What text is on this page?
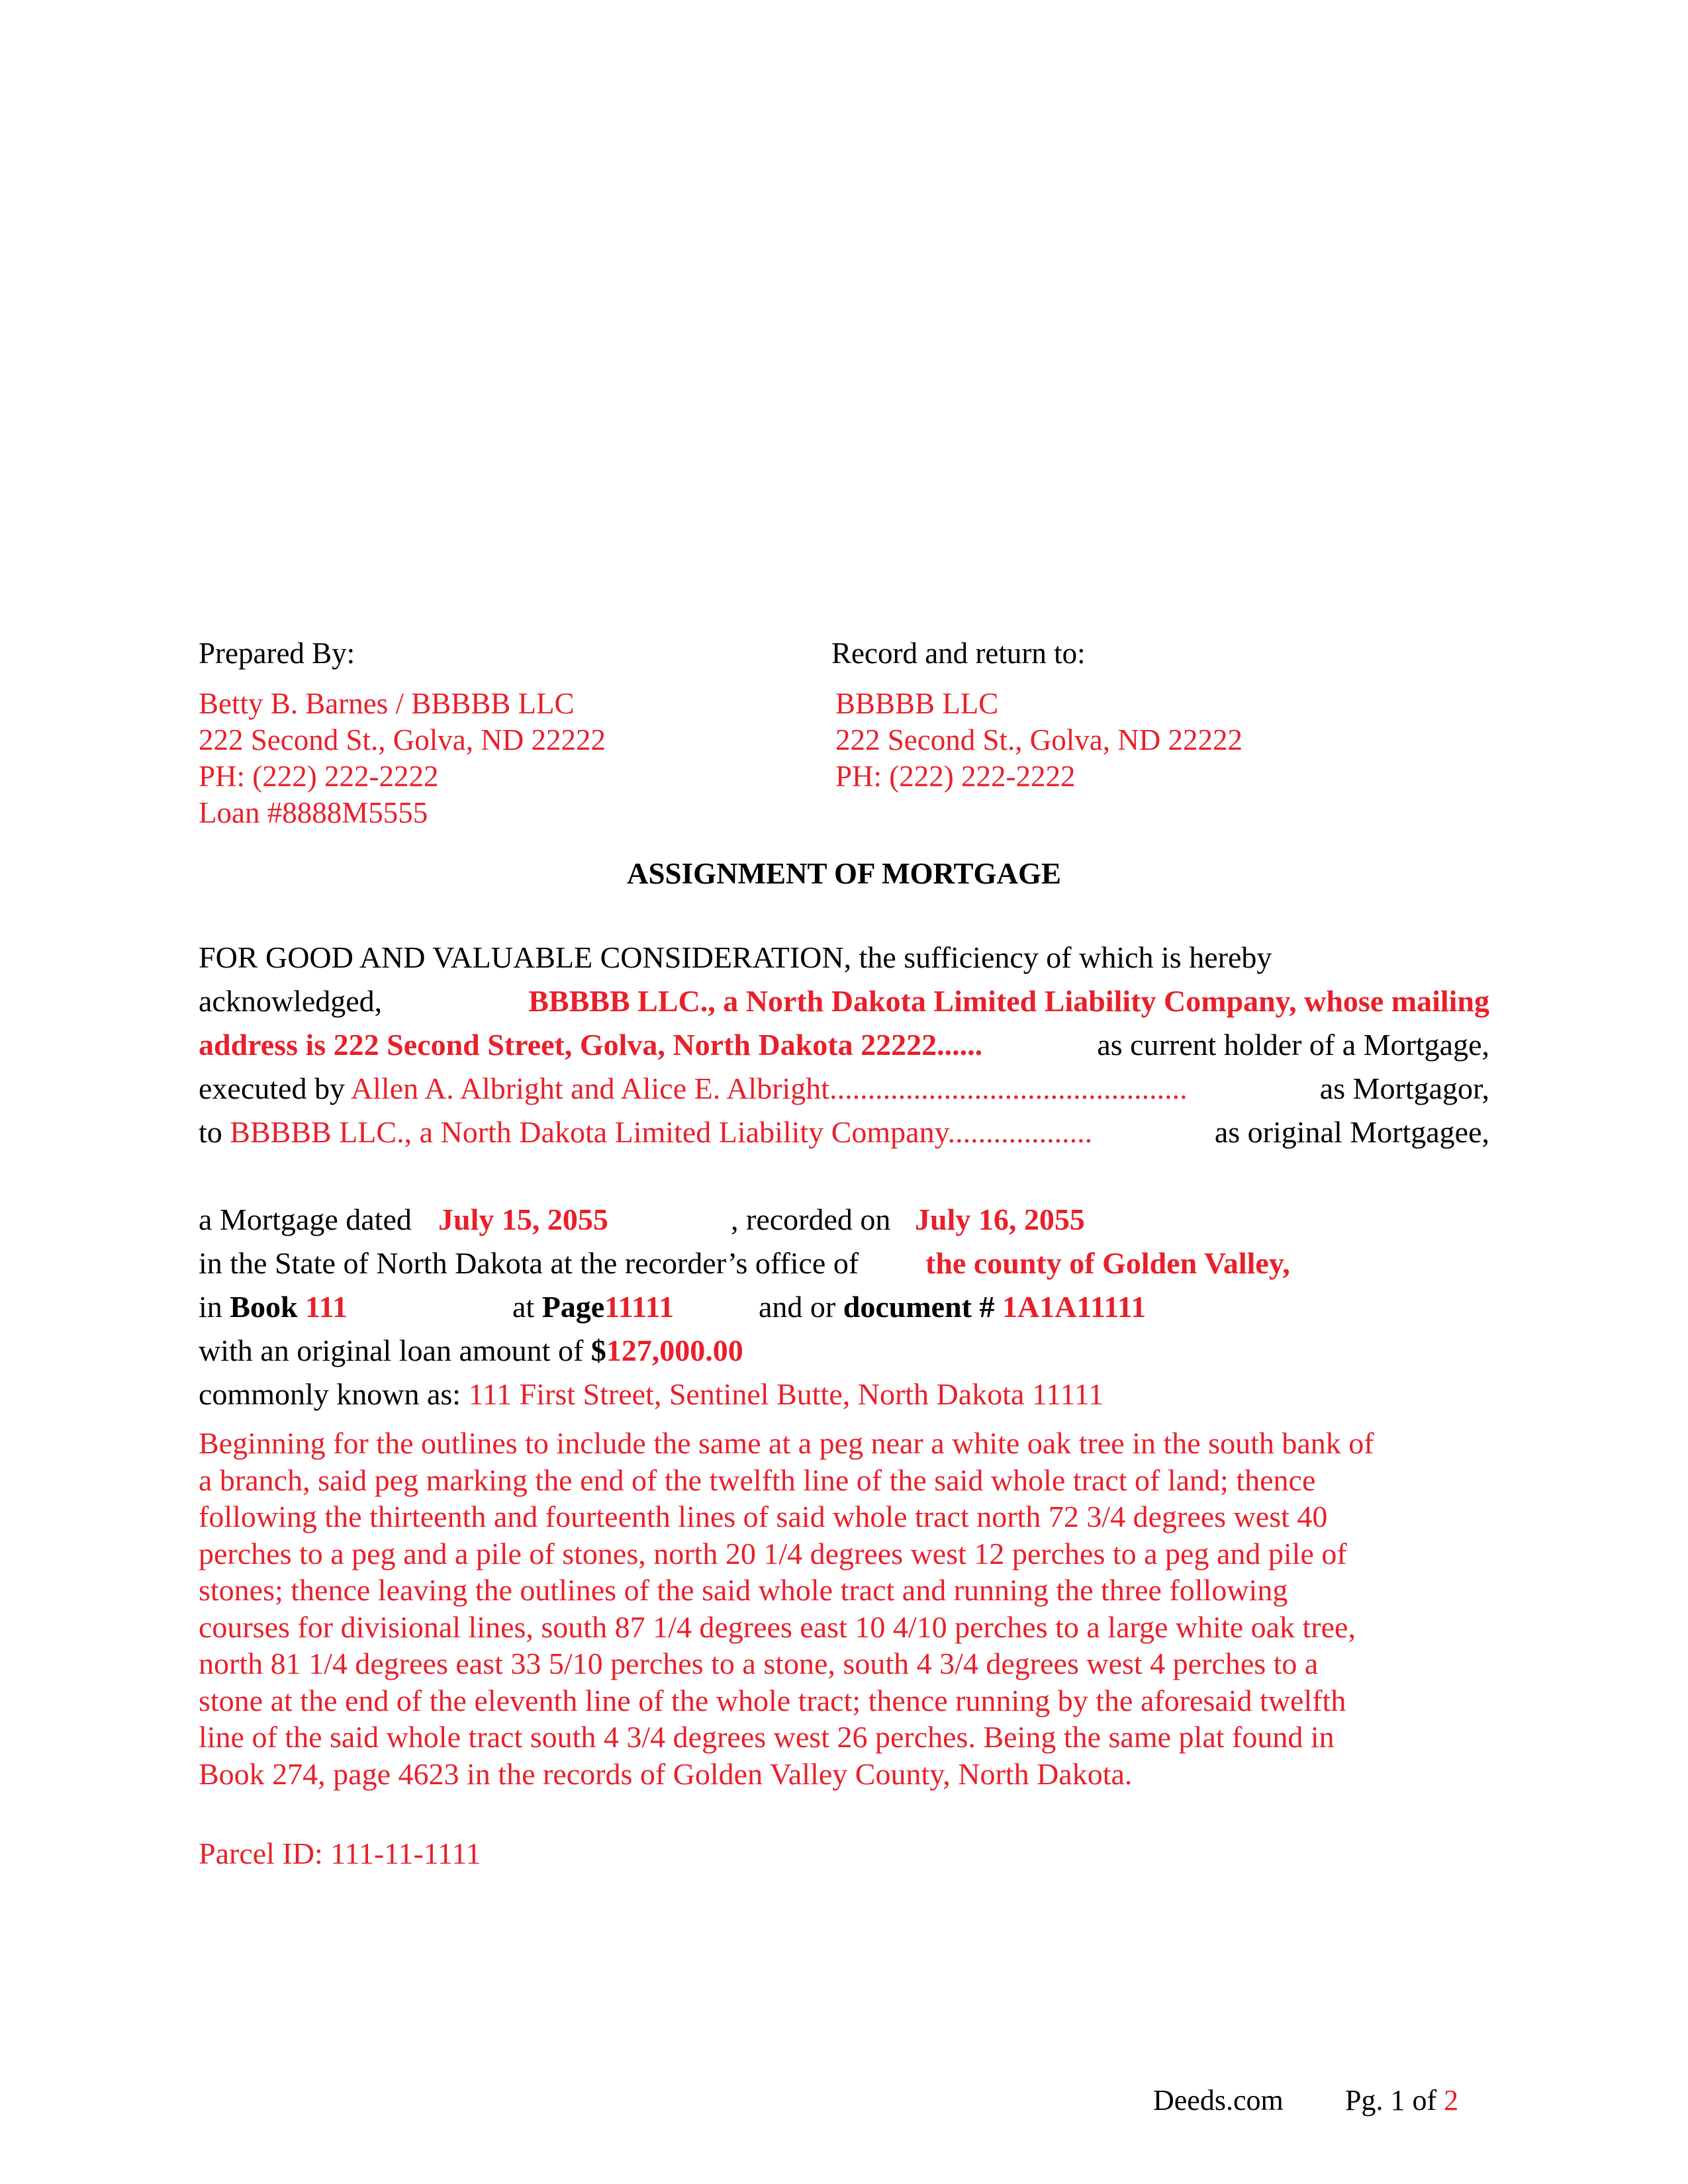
Prepared By:
Betty B. Barnes / BBBBB LLC
222 Second St., Golva, ND 22222
PH: (222) 222-2222
Loan #8888M5555
Record and return to:
BBBBB LLC
222 Second St., Golva, ND 22222
PH: (222) 222-2222
ASSIGNMENT OF MORTGAGE
FOR GOOD AND VALUABLE CONSIDERATION, the sufficiency of which is hereby
acknowledged,	BBBBB LLC., a North Dakota Limited Liability Company, whose mailing
address is 222 Second Street, Golva, North Dakota 22222......	as current holder of a Mortgage,
executed by Allen A. Albright and Alice E. Albright...............................................	as Mortgagor,
to BBBBB LLC., a North Dakota Limited Liability Company...................	as original Mortgagee,
a Mortgage dated July 15, 2055	, recorded on July 16, 2055
in the State of North Dakota at the recorder’s office of the county of Golden Valley,
in Book 111	at Page11111	and or document # 1A1A11111
with an original loan amount of $127,000.00
commonly known as: 111 First Street, Sentinel Butte, North Dakota 11111
Beginning for the outlines to include the same at a peg near a white oak tree in the south bank of
a branch, said peg marking the end of the twelfth line of the said whole tract of land; thence
following the thirteenth and fourteenth lines of said whole tract north 72 3/4 degrees west 40
perches to a peg and a pile of stones, north 20 1/4 degrees west 12 perches to a peg and pile of
stones; thence leaving the outlines of the said whole tract and running the three following
courses for divisional lines, south 87 1/4 degrees east 10 4/10 perches to a large white oak tree,
north 81 1/4 degrees east 33 5/10 perches to a stone, south 4 3/4 degrees west 4 perches to a
stone at the end of the eleventh line of the whole tract; thence running by the aforesaid twelfth
line of the said whole tract south 4 3/4 degrees west 26 perches. Being the same plat found in
Book 274, page 4623 in the records of Golden Valley County, North Dakota.
Parcel ID: 111-11-1111
Deeds.com Pg. 1 of 2
